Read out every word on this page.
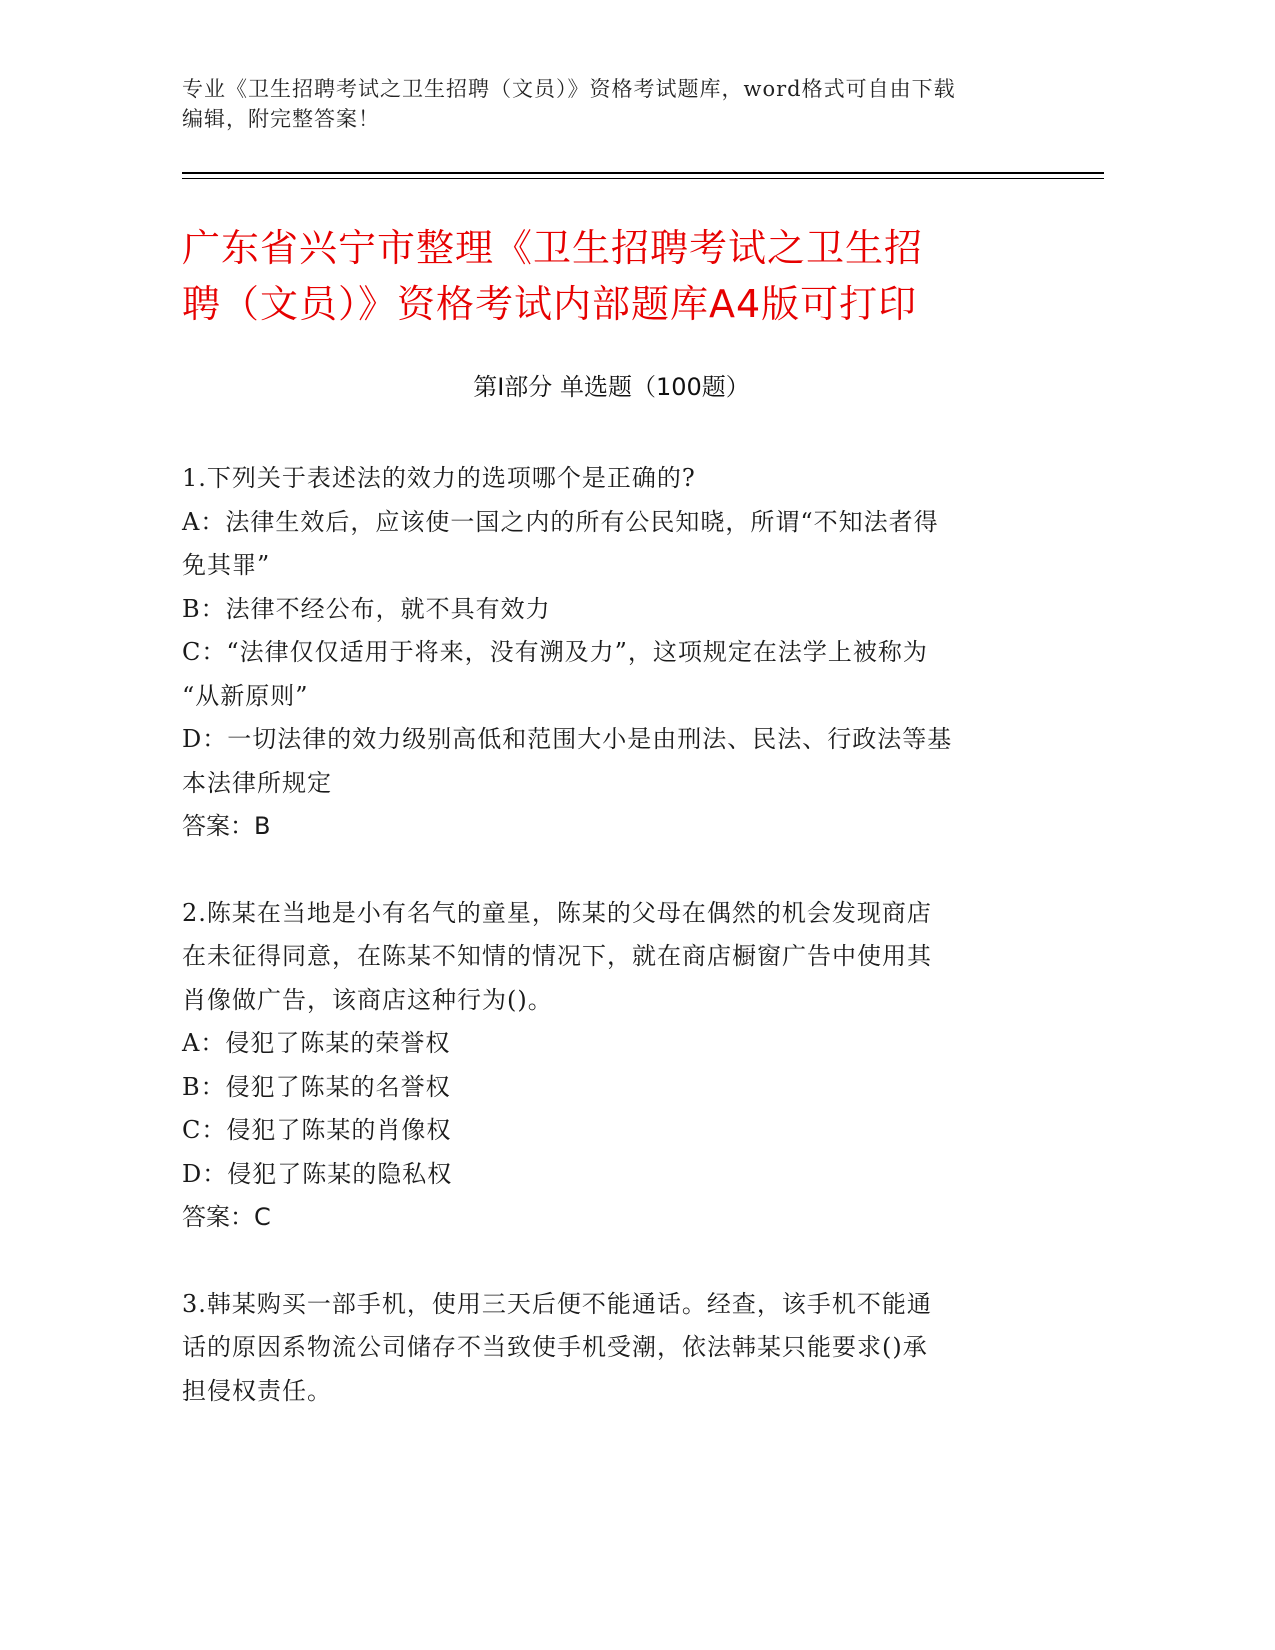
专业《卫生招聘考试之卫生招聘（文员）》资格考试题库，word格式可自由下载

编辑，附完整答案！

广东省兴宁市整理《卫生招聘考试之卫生招

聘（文员）》资格考试内部题库A4版可打印

第Ⅰ部分 单选题（100题）

1.下列关于表述法的效力的选项哪个是正确的?

A：法律生效后，应该使一国之内的所有公民知晓，所谓“不知法者得

免其罪”

B：法律不经公布，就不具有效力

C：“法律仅仅适用于将来，没有溯及力”，这项规定在法学上被称为

“从新原则”

D：一切法律的效力级别高低和范围大小是由刑法、民法、行政法等基

本法律所规定

答案：B

2.陈某在当地是小有名气的童星，陈某的父母在偶然的机会发现商店

在未征得同意，在陈某不知情的情况下，就在商店橱窗广告中使用其

肖像做广告，该商店这种行为()。

A：侵犯了陈某的荣誉权

B：侵犯了陈某的名誉权

C：侵犯了陈某的肖像权

D：侵犯了陈某的隐私权

答案：C

3.韩某购买一部手机，使用三天后便不能通话。经查，该手机不能通

话的原因系物流公司储存不当致使手机受潮，依法韩某只能要求()承

担侵权责任。
